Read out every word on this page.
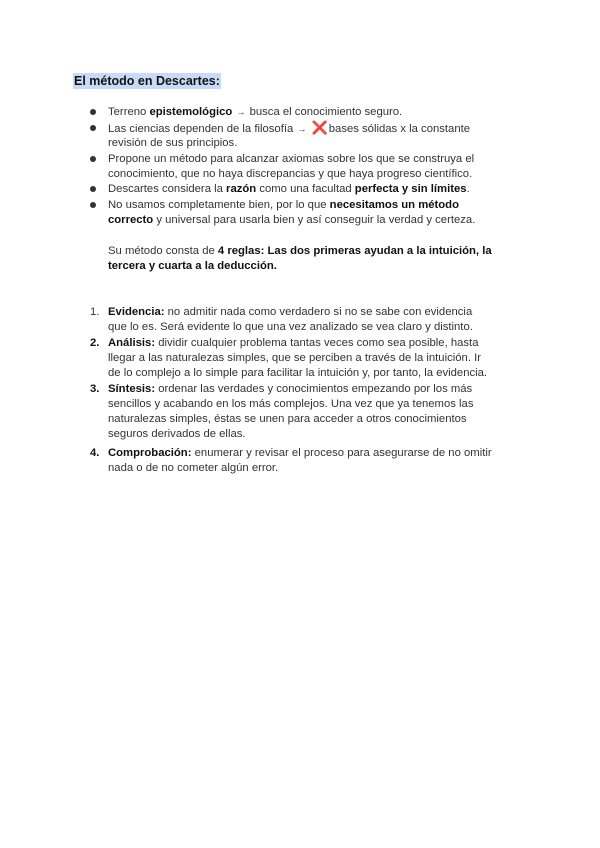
El método en Descartes:
Terreno epistemológico → busca el conocimiento seguro.
Las ciencias dependen de la filosofía → ❌bases sólidas x la constante
revisión de sus principios.
Propone un método para alcanzar axiomas sobre los que se construya el
conocimiento, que no haya discrepancias y que haya progreso científico.
Descartes considera la razón como una facultad perfecta y sin límites.
No usamos completamente bien, por lo que necesitamos un método
correcto y universal para usarla bien y así conseguir la verdad y certeza.
Su método consta de 4 reglas: Las dos primeras ayudan a la intuición, la
tercera y cuarta a la deducción.
1. Evidencia: no admitir nada como verdadero si no se sabe con evidencia
que lo es. Será evidente lo que una vez analizado se vea claro y distinto.
2. Análisis: dividir cualquier problema tantas veces como sea posible, hasta
llegar a las naturalezas simples, que se perciben a través de la intuición. Ir
de lo complejo a lo simple para facilitar la intuición y, por tanto, la evidencia.
3. Síntesis: ordenar las verdades y conocimientos empezando por los más
sencillos y acabando en los más complejos. Una vez que ya tenemos las
naturalezas simples, éstas se unen para acceder a otros conocimientos
seguros derivados de ellas.
4. Comprobación: enumerar y revisar el proceso para asegurarse de no omitir
nada o de no cometer algún error.
